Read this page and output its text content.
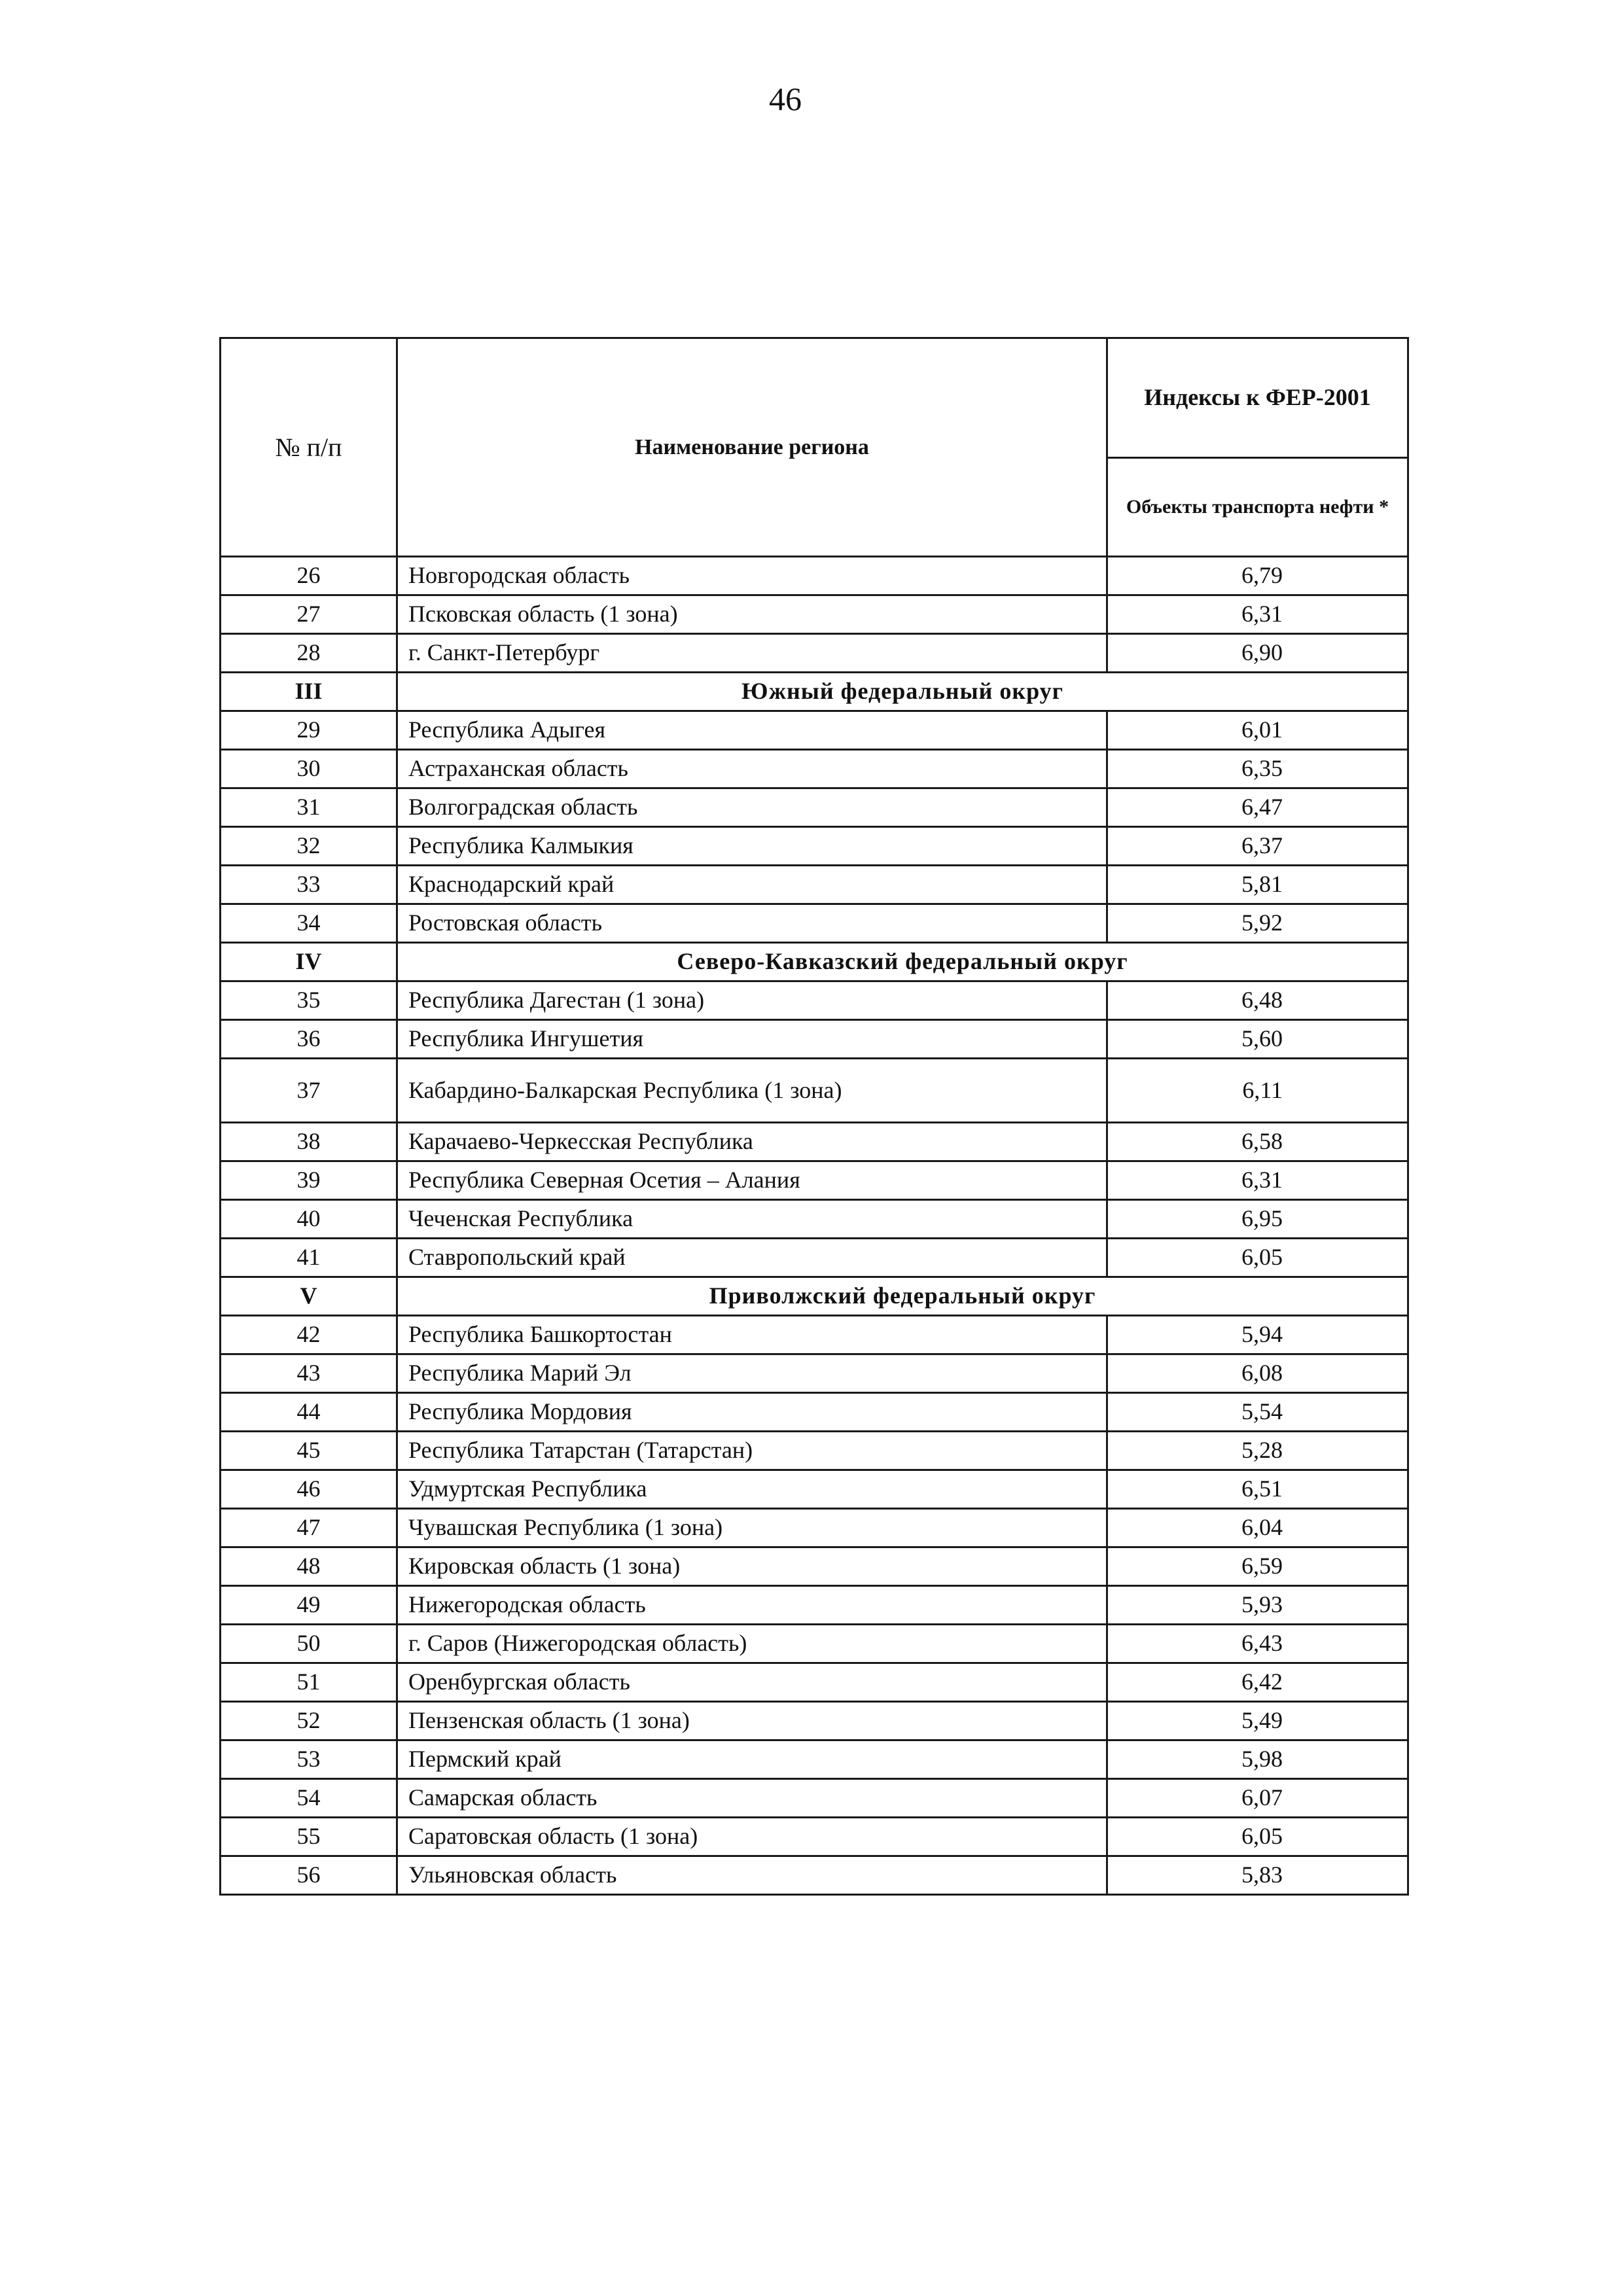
46
№ п/п	Наименование региона	Индексы к ФЕР-2001
		Объекты транспорта нефти *
26	Новгородская область	6,79
27	Псковская область (1 зона)	6,31
28	г. Санкт-Петербург	6,90
III	Южный федеральный округ	
29	Республика Адыгея	6,01
30	Астраханская область	6,35
31	Волгоградская область	6,47
32	Республика Калмыкия	6,37
33	Краснодарский край	5,81
34	Ростовская область	5,92
IV	Северо-Кавказский федеральный округ	
35	Республика Дагестан (1 зона)	6,48
36	Республика Ингушетия	5,60
37	Кабардино-Балкарская Республика (1 зона)	6,11
38	Карачаево-Черкесская Республика	6,58
39	Республика Северная Осетия – Алания	6,31
40	Чеченская Республика	6,95
41	Ставропольский край	6,05
V	Приволжский федеральный округ	
42	Республика Башкортостан	5,94
43	Республика Марий Эл	6,08
44	Республика Мордовия	5,54
45	Республика Татарстан (Татарстан)	5,28
46	Удмуртская Республика	6,51
47	Чувашская Республика (1 зона)	6,04
48	Кировская область (1 зона)	6,59
49	Нижегородская область	5,93
50	г. Саров (Нижегородская область)	6,43
51	Оренбургская область	6,42
52	Пензенская область (1 зона)	5,49
53	Пермский край	5,98
54	Самарская область	6,07
55	Саратовская область (1 зона)	6,05
56	Ульяновская область	5,83
